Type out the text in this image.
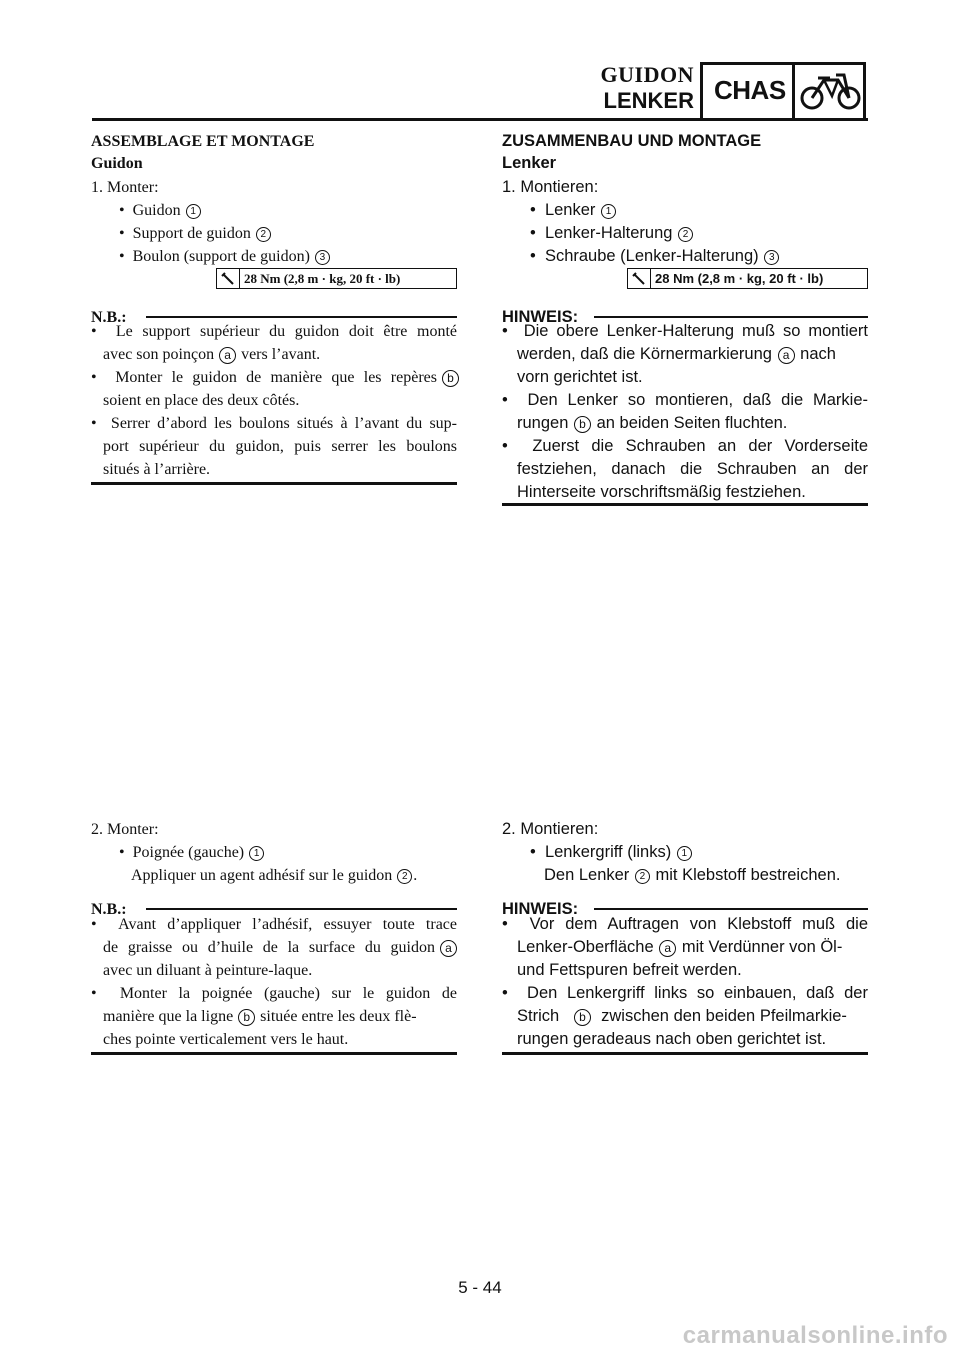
GUIDON
LENKER CHAS

ASSEMBLAGE ET MONTAGE

Guidon

1. Monter:

•  Guidon 1

•  Support de guidon 2

•  Boulon (support de guidon) 3

28 Nm (2,8 m · kg, 20 ft · lb)

N.B.:

•  Le support supérieur du guidon doit être monté

avec son poinçon a vers l’avant.

•  Monter le guidon de manière que les repères b

soient en place des deux côtés.

•  Serrer d’abord les boulons situés à l’avant du sup-

port supérieur du guidon, puis serrer les boulons

situés à l’arrière.

2. Monter:

•  Poignée (gauche) 1

Appliquer un agent adhésif sur le guidon 2 .

N.B.:

•  Avant d’appliquer l’adhésif, essuyer toute trace

de graisse ou d’huile de la surface du guidon a

avec un diluant à peinture-laque.

•  Monter la poignée (gauche) sur le guidon de

manière que la ligne b située entre les deux flè-

ches pointe verticalement vers le haut.

ZUSAMMENBAU UND MONTAGE

Lenker

1. Montieren:

•  Lenker 1

•  Lenker-Halterung 2

•  Schraube (Lenker-Halterung) 3

28 Nm (2,8 m · kg, 20 ft · lb)

HINWEIS:

•  Die obere Lenker-Halterung muß so montiert

werden, daß die Körnermarkierung a nach

vorn gerichtet ist.

•  Den Lenker so montieren, daß die Markie-

rungen b an beiden Seiten fluchten.

•  Zuerst die Schrauben an der Vorderseite

festziehen, danach die Schrauben an der

Hinterseite vorschriftsmäßig festziehen.

2. Montieren:

•  Lenkergriff (links) 1

Den Lenker 2 mit Klebstoff bestreichen.

HINWEIS:

•  Vor dem Auftragen von Klebstoff muß die

Lenker-Oberfläche a mit Verdünner von Öl-

und Fettspuren befreit werden.

•  Den Lenkergriff links so einbauen, daß der

Strich b zwischen den beiden Pfeilmarkie-

rungen geradeaus nach oben gerichtet ist.

5 - 44
carmanualsonline.info
